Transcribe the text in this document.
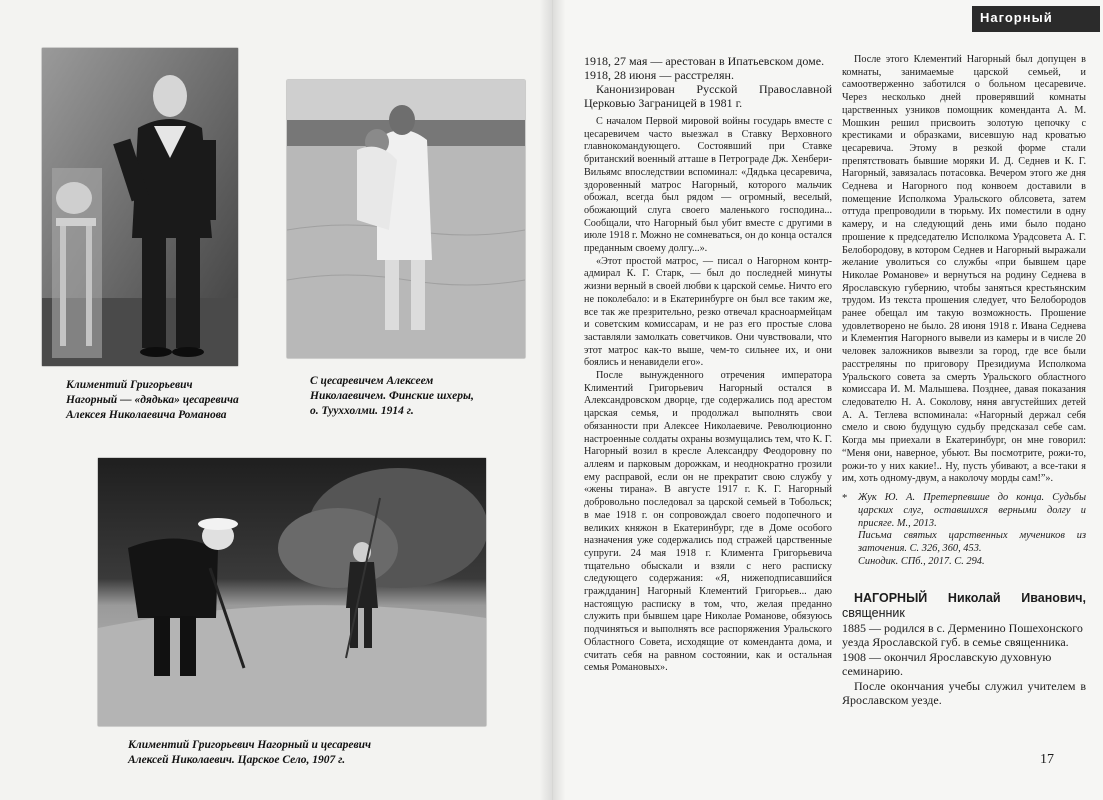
Климентий Григорьевич
Нагорный — «дядька» цесаревича
Алексея Николаевича Романова
С цесаревичем Алексеем
Николаевичем. Финские шхеры,
о. Тууххолми. 1914 г.
Климентий Григорьевич Нагорный и цесаревич
Алексей Николаевич. Царское Село, 1907 г.
Нагорный

1918, 27 мая — арестован в Ипатьевском доме.

1918, 28 июня — расстрелян.

Канонизирован Русской Православной Церковью Заграницей в 1981 г.

С началом Первой мировой войны государь вместе с цесаревичем часто выезжал в Ставку Верховного главнокомандующего. Состоявший при Ставке британский военный атташе в Петрограде Дж. Хенбери-Вильямс впоследствии вспоминал: «Дядька цесаревича, здоровенный матрос Нагорный, которого мальчик обожал, всегда был рядом — огромный, веселый, обожающий слуга своего маленького господина... Сообщали, что Нагорный был убит вместе с другими в июле 1918 г. Можно не сомневаться, он до конца остался преданным своему долгу...».

«Этот простой матрос, — писал о Нагорном контр-адмирал К. Г. Старк, — был до последней минуты жизни верный в своей любви к царской семье. Ничто его не поколебало: и в Екатеринбурге он был все таким же, все так же презрительно, резко отвечал красноармейцам и советским комиссарам, и не раз его простые слова заставляли замолкать советчиков. Они чувствовали, что этот матрос как-то выше, чем-то сильнее их, и они боялись и ненавидели его».

После вынужденного отречения императора Климентий Григорьевич Нагорный остался в Александровском дворце, где содержались под арестом царская семья, и продолжал выполнять свои обязанности при Алексее Николаевиче. Революционно настроенные солдаты охраны возмущались тем, что К. Г. Нагорный возил в кресле Александру Феодоровну по аллеям и парковым дорожкам, и неоднократно грозили ему расправой, если он не прекратит свою службу у «жены тирана». В августе 1917 г. К. Г. Нагорный добровольно последовал за царской семьей в Тобольск; в мае 1918 г. он сопровождал своего подопечного и великих княжон в Екатеринбург, где в Доме особого назначения уже содержались под стражей царственные супруги. 24 мая 1918 г. Климента Григорьевича тщательно обыскали и взяли с него расписку следующего содержания: «Я, нижеподписавшийся граждданин] Нагорный Клементий Григорьев... даю настоящую расписку в том, что, желая преданно служить при бывшем царе Николае Романове, обязуюсь подчиняться и выполнять все распоряжения Уральского Областного Совета, исходящие от коменданта дома, и считать себя на равном состоянии, как и остальная семья Романовых».

После этого Клементий Нагорный был допущен в комнаты, занимаемые царской семьей, и самоотверженно заботился о больном цесаревиче. Через несколько дней проверявший комнаты царственных узников помощник коменданта А. М. Мошкин решил присвоить золотую цепочку с крестиками и образками, висевшую над кроватью цесаревича. Этому в резкой форме стали препятствовать бывшие моряки И. Д. Седнев и К. Г. Нагорный, завязалась потасовка. Вечером этого же дня Седнева и Нагорного под конвоем доставили в помещение Исполкома Уральского облсовета, затем оттуда препроводили в тюрьму. Их поместили в одну камеру, и на следующий день ими было подано прошение к председателю Исполкома Урадсовета А. Г. Белобородову, в котором Седнев и Нагорный выражали желание уволиться со службы «при бывшем царе Николае Романове» и вернуться на родину Седнева в Ярославскую губернию, чтобы заняться крестьянским трудом. Из текста прошения следует, что Белобородов ранее обещал им такую возможность. Прошение удовлетворено не было. 28 июня 1918 г. Ивана Седнева и Клементия Нагорного вывели из камеры и в числе 20 человек заложников вывезли за город, где все были расстреляны по приговору Президиума Исполкома Уральского совета за смерть Уральского областного комиссара И. М. Малышева. Позднее, давая показания следователю Н. А. Соколову, няня августейших детей А. А. Теглева вспоминала: «Нагорный держал себя смело и свою будущую судьбу предсказал себе сам. Когда мы приехали в Екатеринбург, он мне говорил: “Меня они, наверное, убьют. Вы посмотрите, рожи-то, рожи-то у них какие!.. Ну, пусть убивают, а все-таки я им, хоть одному-двум, а наколочу морды сам!”».

*	Жук Ю. А. Претерпевшие до конца. Судьбы царских слуг, оставшихся верными долгу и присяге. М., 2013.

Письма святых царственных мучеников из заточения. С. 326, 360, 453.

Синодик. СПб., 2017. С. 294.

НАГОРНЫЙ Николай Иванович, священник

1885 — родился в с. Дерменино Пошехонского уезда Ярославской губ. в семье священника.

1908 — окончил Ярославскую духовную семинарию.

После окончания учебы служил учителем в Ярославском уезде.

17
